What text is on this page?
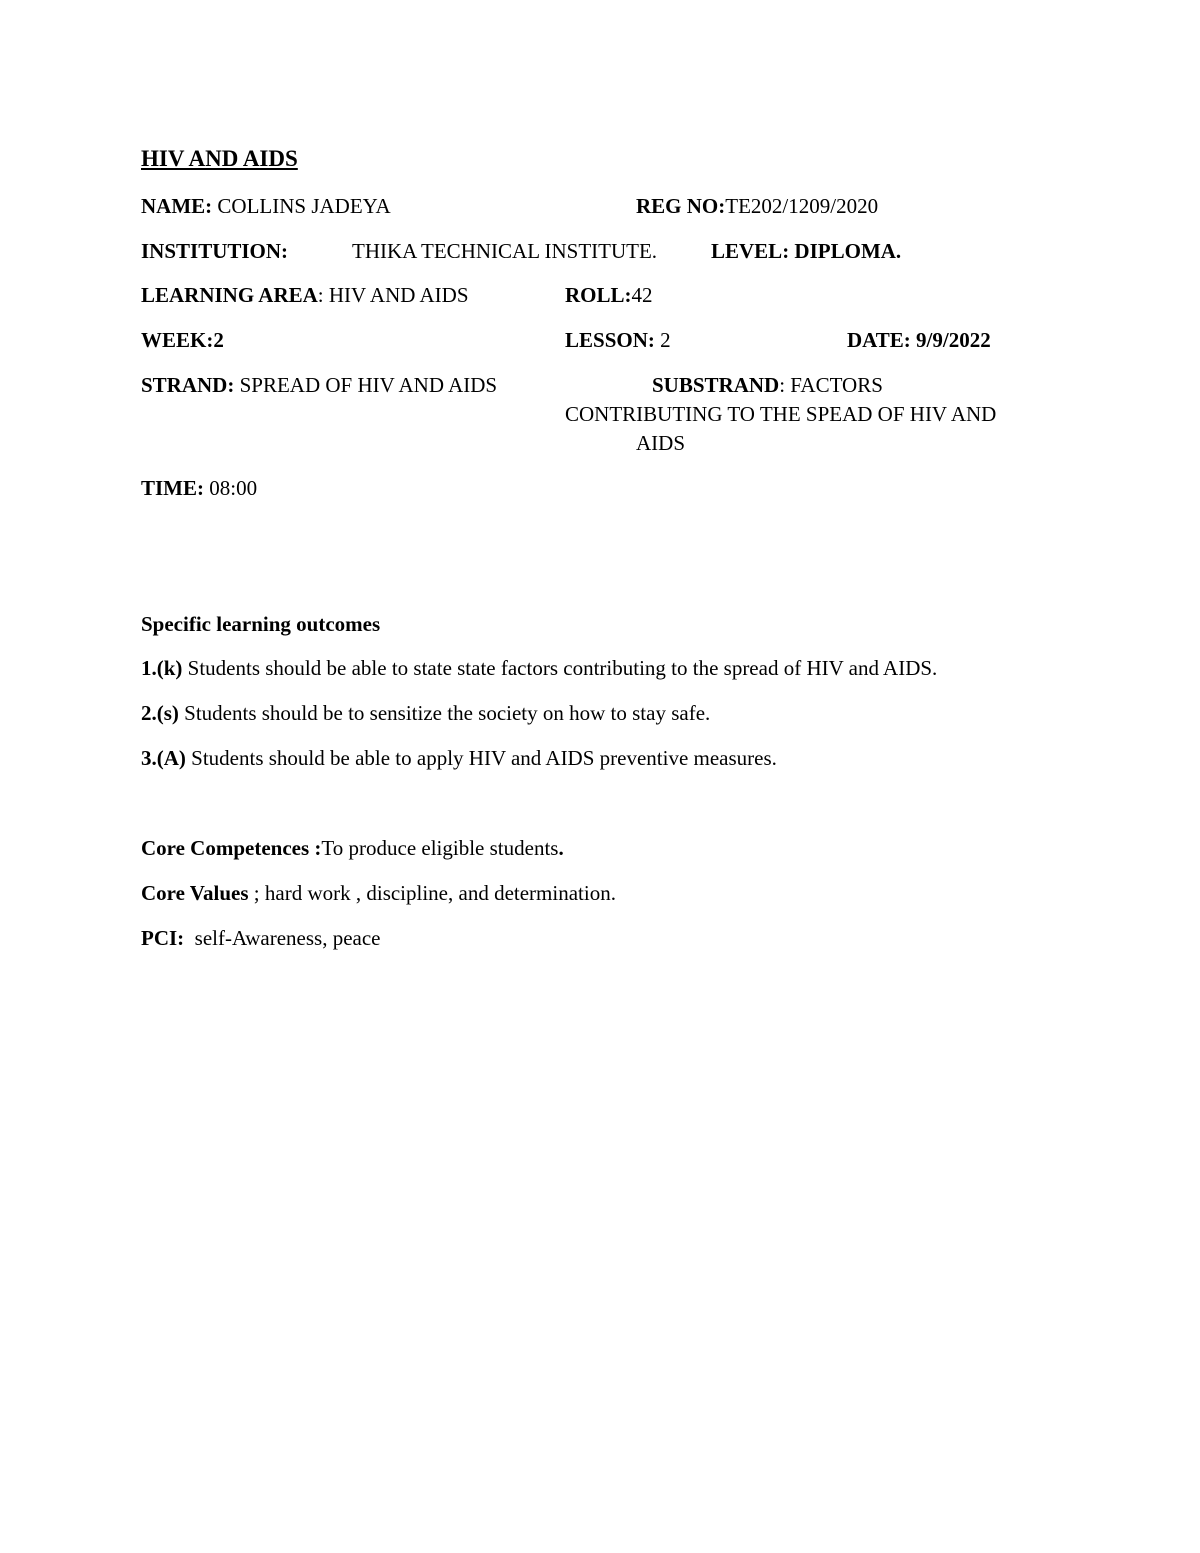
HIV AND AIDS
NAME: COLLINS JADEYA	REG NO:TE202/1209/2020
INSTITUTION:	THIKA TECHNICAL INSTITUTE.	LEVEL: DIPLOMA.
LEARNING AREA: HIV AND AIDS	ROLL:42
WEEK:2	LESSON: 2	DATE: 9/9/2022
STRAND: SPREAD OF HIV AND AIDS	SUBSTRAND: FACTORS
CONTRIBUTING TO THE SPEAD OF HIV AND
AIDS
TIME: 08:00
Specific learning outcomes
1.(k) Students should be able to state state factors contributing to the spread of HIV and AIDS.
2.(s) Students should be to sensitize the society on how to stay safe.
3.(A) Students should be able to apply HIV and AIDS preventive measures.
Core Competences :To produce eligible students.
Core Values ; hard work , discipline, and determination.
PCI:  self-Awareness, peace
